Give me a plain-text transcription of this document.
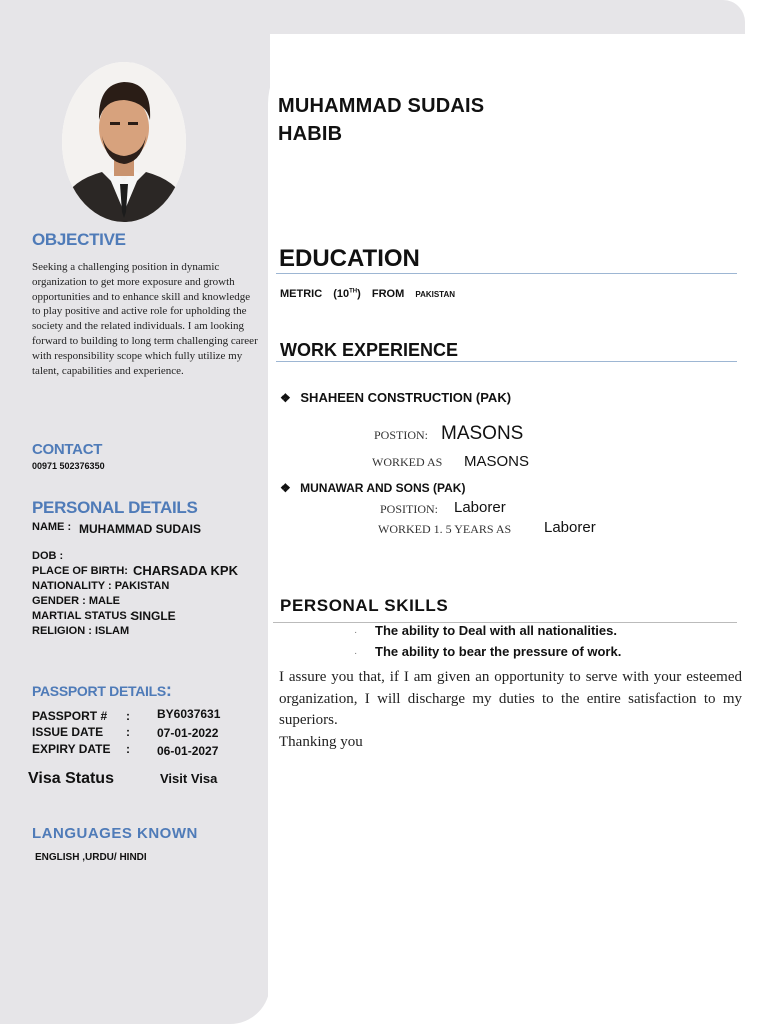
OBJECTIVE
Seeking a challenging position in dynamic organization to get more exposure and growth opportunities and to enhance skill and knowledge to play positive and active role for upholding the society and the related individuals. I am looking forward to building to long term challenging career with responsibility scope which fully utilize my talent, capabilities and experience.
CONTACT
00971 502376350
PERSONAL DETAILS
NAME : MUHAMMAD SUDAIS
DOB :
PLACE OF BIRTH: CHARSADA KPK
NATIONALITY : PAKISTAN
GENDER : MALE
MARTIAL STATUS :
SINGLE
RELIGION : ISLAM
PASSPORT DETAILS:
PASSPORT # : BY6037631
ISSUE DATE : 07-01-2022
EXPIRY DATE : 06-01-2027
Visa Status	Visit Visa
LANGUAGES KNOWN
ENGLISH ,URDU/ HINDI
MUHAMMAD SUDAIS
HABIB
EDUCATION
METRIC (10TH) FROM PAKISTAN
WORK EXPERIENCE
❖ SHAHEEN CONSTRUCTION (PAK)
POSTION: MASONS
WORKED AS MASONS
❖ MUNAWAR AND SONS (PAK)
POSITION: Laborer
WORKED 1. 5 YEARS AS Laborer
PERSONAL SKILLS
· The ability to Deal with all nationalities.
· The ability to bear the pressure of work.
I assure you that, if I am given an opportunity to serve with your esteemed organization, I will discharge my duties to the entire satisfaction to my superiors.
Thanking you
